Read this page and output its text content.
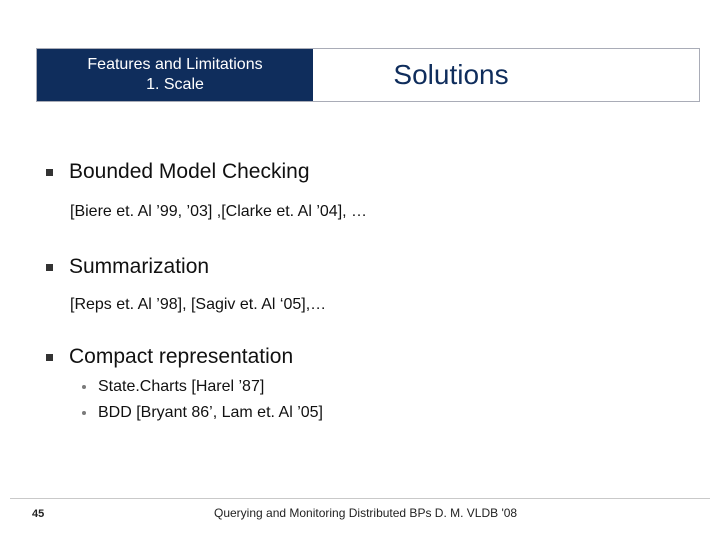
Features and Limitations
1. Scale	Solutions
Bounded Model Checking
[Biere et. Al ’99, ’03] ,[Clarke et. Al ’04], …
Summarization
[Reps et. Al ’98], [Sagiv et. Al ‘05],…
Compact representation
State.Charts [Harel ’87]
BDD [Bryant 86’, Lam et. Al ’05]
45	Querying and Monitoring Distributed BPs D. M. VLDB '08
